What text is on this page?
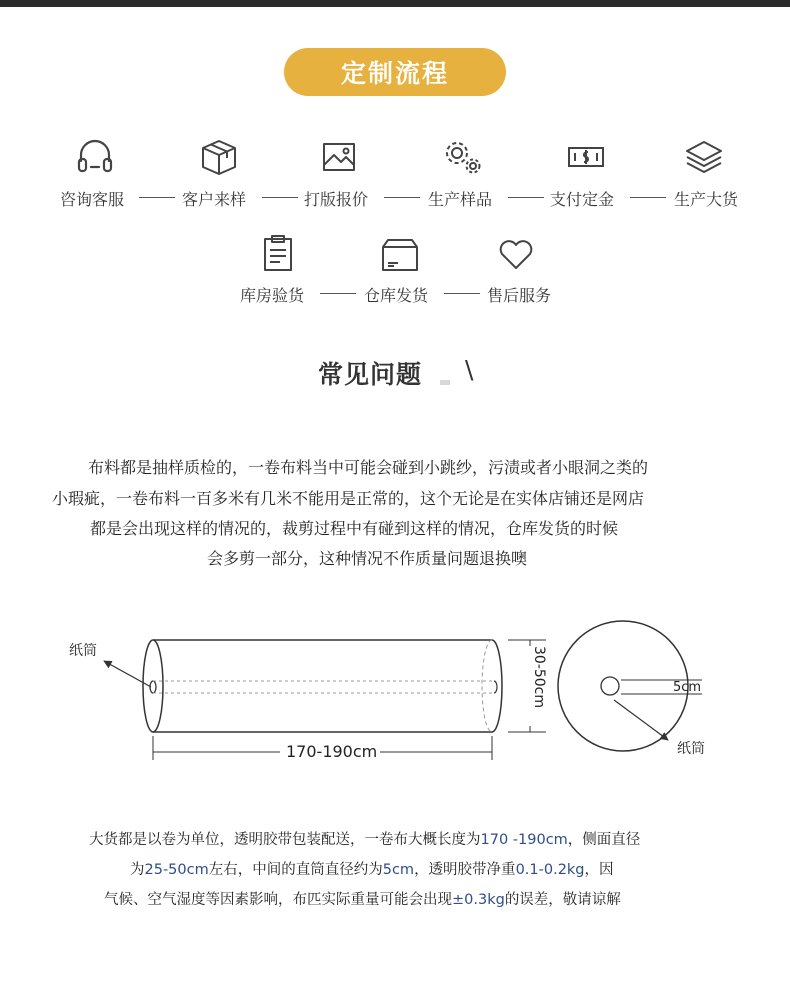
定制流程
咨询客服	客户来样	打版报价	生产样品	支付定金	生产大货
库房验货	仓库发货	售后服务
常见问题 \
布料都是抽样质检的，一卷布料当中可能会碰到小跳纱，污渍或者小眼洞之类的
小瑕疵，一卷布料一百多米有几米不能用是正常的，这个无论是在实体店铺还是网店
都是会出现这样的情况的，裁剪过程中有碰到这样的情况，仓库发货的时候
会多剪一部分，这种情况不作质量问题退换噢
纸筒
170-190cm
30-50cm	5cm
纸筒
大货都是以卷为单位，透明胶带包装配送，一卷布大概长度为170 -190cm，侧面直径
为25-50cm左右，中间的直筒直径约为5cm，透明胶带净重0.1-0.2kg，因
气候、空气湿度等因素影响，布匹实际重量可能会出现±0.3kg的误差，敬请谅解
